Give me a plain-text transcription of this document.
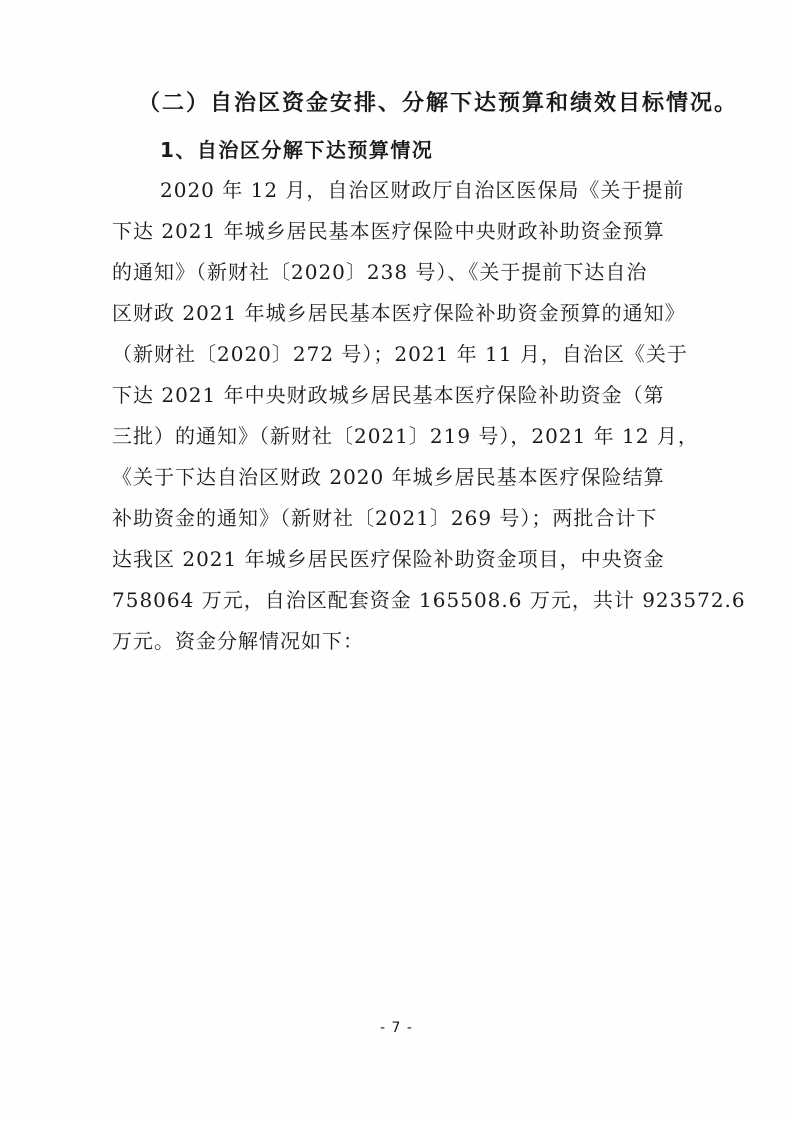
（二）自治区资金安排、分解下达预算和绩效目标情况。
1、自治区分解下达预算情况
2020 年 12 月，自治区财政厅自治区医保局《关于提前
下达 2021 年城乡居民基本医疗保险中央财政补助资金预算
的通知》（新财社〔2020〕238 号）、《关于提前下达自治
区财政 2021 年城乡居民基本医疗保险补助资金预算的通知》
（新财社〔2020〕272 号）；2021 年 11 月，自治区《关于
下达 2021 年中央财政城乡居民基本医疗保险补助资金（第
三批）的通知》（新财社〔2021〕219 号），2021 年 12 月，
《关于下达自治区财政 2020 年城乡居民基本医疗保险结算
补助资金的通知》（新财社〔2021〕269 号）；两批合计下
达我区 2021 年城乡居民医疗保险补助资金项目，中央资金
758064 万元，自治区配套资金 165508.6 万元，共计 923572.6
万元。资金分解情况如下：
- 7 -
